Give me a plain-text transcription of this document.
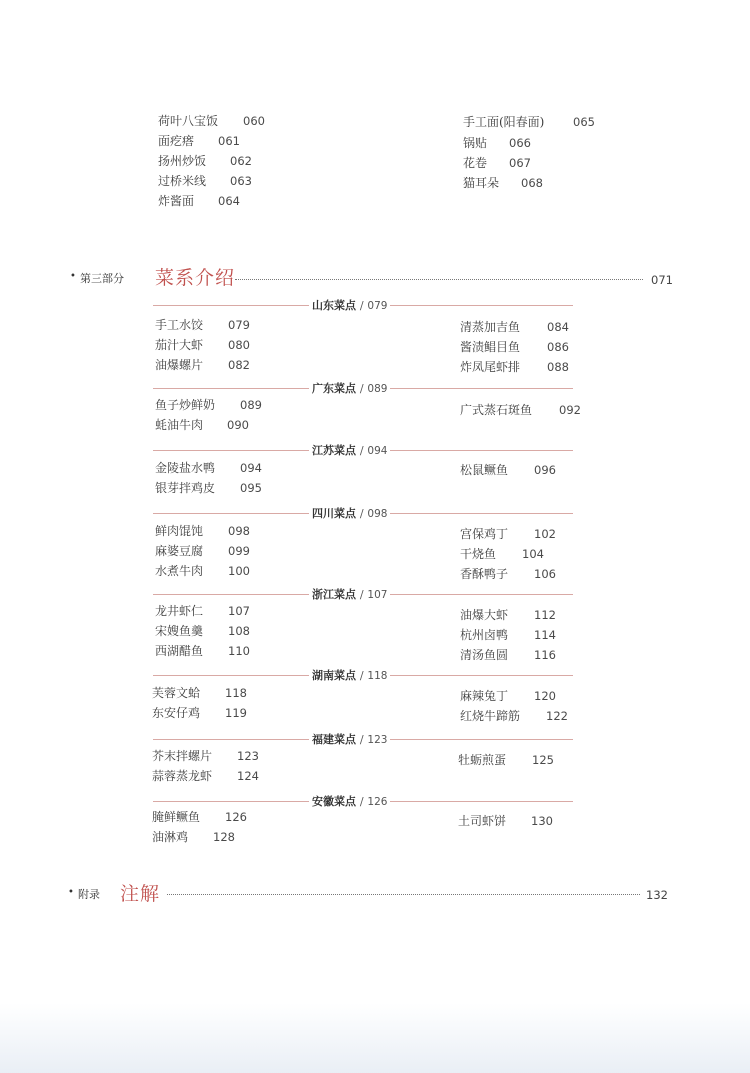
荷叶八宝饭 060
面疙瘩 061
扬州炒饭 062
过桥米线 063
炸酱面 064
手工面(阳春面) 065
锅贴 066
花卷 067
猫耳朵 068
• 第三部分 菜系介绍	071
山东菜点 / 079
手工水饺 079
茄汁大虾 080
油爆螺片 082
清蒸加吉鱼 084
酱渍鲳目鱼 086
炸凤尾虾排 088
广东菜点 / 089
鱼子炒鲜奶 089
蚝油牛肉 090
广式蒸石斑鱼 092
江苏菜点 / 094
金陵盐水鸭 094
银芽拌鸡皮 095
松鼠鳜鱼 096
四川菜点 / 098
鲜肉馄饨 098
麻婆豆腐 099
水煮牛肉 100
宫保鸡丁 102
干烧鱼 104
香酥鸭子 106
浙江菜点 / 107
龙井虾仁 107
宋嫂鱼羹 108
西湖醋鱼 110
油爆大虾 112
杭州卤鸭 114
清汤鱼圆 116
湖南菜点 / 118
芙蓉文蛤 118
东安仔鸡 119
麻辣兔丁 120
红烧牛蹄筋 122
福建菜点 / 123
芥末拌螺片 123
蒜蓉蒸龙虾 124
牡蛎煎蛋 125
安徽菜点 / 126
腌鲜鳜鱼 126
油淋鸡 128
土司虾饼 130
• 附录 注解	132
